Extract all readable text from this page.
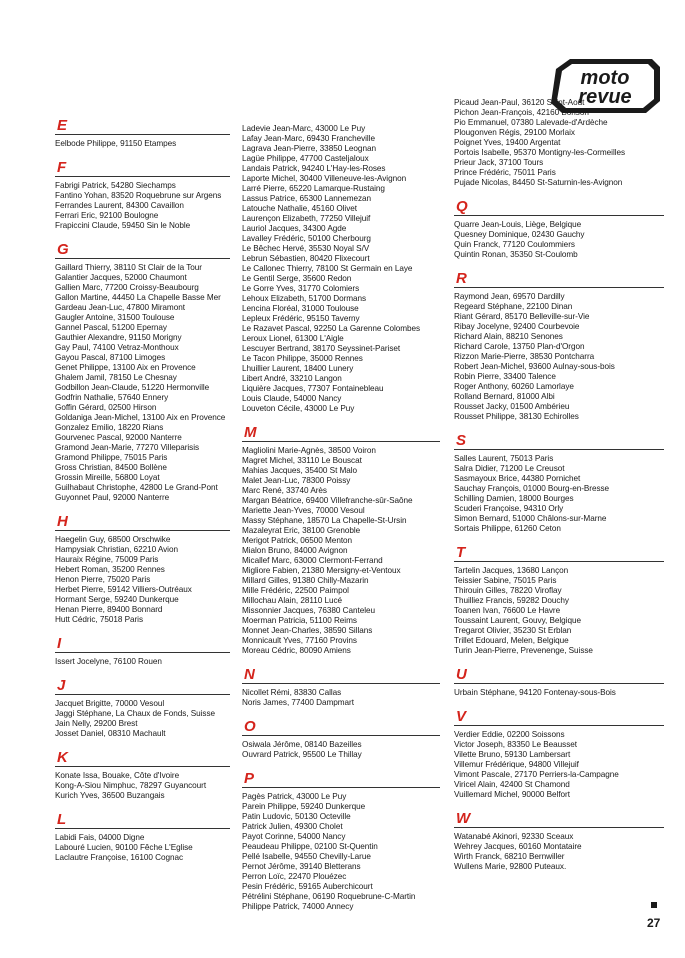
moto
revue
E
Eelbode Philippe, 91150 Etampes
F
Fabrigi Patrick, 54280 Siechamps
Fantino Yohan, 83520 Roquebrune sur Argens
Ferrandes Laurent, 84300 Cavaillon
Ferrari Eric, 92100 Boulogne
Frapiccini Claude, 59450 Sin le Noble
G
Gaillard Thierry, 38110 St Clair de la Tour
Galantier Jacques, 52000 Chaumont
Gallien Marc, 77200 Croissy-Beaubourg
Gallon Martine, 44450 La Chapelle Basse Mer
Gardeau Jean-Luc, 47800 Miramont
Gaugler Antoine, 31500 Toulouse
Gannel Pascal, 51200 Epernay
Gauthier Alexandre, 91150 Morigny
Gay Paul, 74100 Vetraz-Monthoux
Gayou Pascal, 87100 Limoges
Genet Philippe, 13100 Aix en Provence
Ghalem Jamil, 78150 Le Chesnay
Godbillon Jean-Claude, 51220 Hermonville
Godfrin Nathalie, 57640 Ennery
Goffin Gérard, 02500 Hirson
Goldaniga Jean-Michel, 13100 Aix en Provence
Gonzalez Emilio, 18220 Rians
Gourvenec Pascal, 92000 Nanterre
Gramond Jean-Marie, 77270 Villeparisis
Gramond Philippe, 75015 Paris
Gross Christian, 84500 Bollène
Grossin Mireille, 56800 Loyat
Guilhabaut Christophe, 42800 Le Grand-Pont
Guyonnet Paul, 92000 Nanterre
H
Haegelin Guy, 68500 Orschwike
Hampysiak Christian, 62210 Avion
Hauraix Régine, 75009 Paris
Hebert Roman, 35200 Rennes
Henon Pierre, 75020 Paris
Herbet Pierre, 59142 Villiers-Outréaux
Hormant Serge, 59240 Dunkerque
Henan Pierre, 89400 Bonnard
Hutt Cédric, 75018 Paris
I
Issert Jocelyne, 76100 Rouen
J
Jacquet Brigitte, 70000 Vesoul
Jaggi Stéphane, La Chaux de Fonds, Suisse
Jain Nelly, 29200 Brest
Josset Daniel, 08310 Machault
K
Konate Issa, Bouake, Côte d'Ivoire
Kong-A-Siou Nimphuc, 78297 Guyancourt
Kurich Yves, 36500 Buzangais
L
Labidi Fais, 04000 Digne
Labouré Lucien, 90100 Fêche L'Eglise
Laclautre Françoise, 16100 Cognac
Ladevie Jean-Marc, 43000 Le Puy
Lafay Jean-Marc, 69430 Francheville
Lagrava Jean-Pierre, 33850 Leognan
Lagüe Philippe, 47700 Casteljaloux
Landais Patrick, 94240 L'Hay-les-Roses
Laporte Michel, 30400 Villeneuve-les-Avignon
Larré Pierre, 65220 Lamarque-Rustaing
Lassus Patrice, 65300 Lannemezan
Latouche Nathalie, 45160 Olivet
Laurençon Elizabeth, 77250 Villejuif
Lauriol Jacques, 34300 Agde
Lavalley Frédéric, 50100 Cherbourg
Le Bêchec Hervé, 35530 Noyal S/V
Lebrun Sébastien, 80420 Flixecourt
Le Callonec Thierry, 78100 St Germain en Laye
Le Gentil Serge, 35600 Redon
Le Gorre Yves, 31770 Colomiers
Lehoux Elizabeth, 51700 Dormans
Lencina Floréal, 31000 Toulouse
Lepleux Frédéric, 95150 Taverny
Le Razavet Pascal, 92250 La Garenne Colombes
Leroux Lionel, 61300 L'Aigle
Lescuyer Bertrand, 38170 Seyssinet-Pariset
Le Tacon Philippe, 35000 Rennes
Lhuillier Laurent, 18400 Lunery
Libert André, 33210 Langon
Liquière Jacques, 77307 Fontainebleau
Louis Claude, 54000 Nancy
Louveton Cécile, 43000 Le Puy
M
Magliolini Marie-Agnès, 38500 Voiron
Magret Michel, 33110 Le Bouscat
Mahias Jacques, 35400 St Malo
Malet Jean-Luc, 78300 Poissy
Marc René, 33740 Arès
Margan Béatrice, 69400 Villefranche-sûr-Saône
Mariette Jean-Yves, 70000 Vesoul
Massy Stéphane, 18570 La Chapelle-St-Ursin
Mazaleyrat Eric, 38100 Grenoble
Merigot Patrick, 06500 Menton
Mialon Bruno, 84000 Avignon
Micallef Marc, 63000 Clermont-Ferrand
Migliore Fabien, 21380 Mersigny-et-Ventoux
Millard Gilles, 91380 Chilly-Mazarin
Mille Frédéric, 22500 Paimpol
Millochau Alain, 28110 Lucé
Missonnier Jacques, 76380 Canteleu
Moerman Patricia, 51100 Reims
Monnet Jean-Charles, 38590 Sillans
Monnicault Yves, 77160 Provins
Moreau Cédric, 80090 Amiens
N
Nicollet Rémi, 83830 Callas
Noris James, 77400 Dampmart
O
Osiwala Jérôme, 08140 Bazeilles
Ouvrard Patrick, 95500 Le Thillay
P
Pagès Patrick, 43000 Le Puy
Parein Philippe, 59240 Dunkerque
Patin Ludovic, 50130 Octeville
Patrick Julien, 49300 Cholet
Payot Corinne, 54000 Nancy
Peaudeau Philippe, 02100 St-Quentin
Pellé Isabelle, 94550 Chevilly-Larue
Pernot Jérôme, 39140 Bletterans
Perron Loïc, 22470 Plouézec
Pesin Frédéric, 59165 Auberchicourt
Pétrélini Stéphane, 06190 Roquebrune-C-Martin
Philippe Patrick, 74000 Annecy
Picaud Jean-Paul, 36120 Saint-Août
Pichon Jean-François, 42160 Bonson
Pio Emmanuel, 07380 Lalevade-d'Ardèche
Plougonven Régis, 29100 Morlaix
Poignet Yves, 19400 Argentat
Portois Isabelle, 95370 Montigny-les-Cormeilles
Prieur Jack, 37100 Tours
Prince Frédéric, 75011 Paris
Pujade Nicolas, 84450 St-Saturnin-les-Avignon
Q
Quarre Jean-Louis, Liège, Belgique
Quesney Dominique, 02430 Gauchy
Quin Franck, 77120 Coulommiers
Quintin Ronan, 35350 St-Coulomb
R
Raymond Jean, 69570 Dardilly
Regeard Stéphane, 22100 Dinan
Riant Gérard, 85170 Belleville-sur-Vie
Ribay Jocelyne, 92400 Courbevoie
Richard Alain, 88210 Senones
Richard Carole, 13750 Plan-d'Orgon
Rizzon Marie-Pierre, 38530 Pontcharra
Robert Jean-Michel, 93600 Aulnay-sous-bois
Robin Pierre, 33400 Talence
Roger Anthony, 60260 Lamorlaye
Rolland Bernard, 81000 Albi
Rousset Jacky, 01500 Ambérieu
Rousset Philippe, 38130 Echirolles
S
Salles Laurent, 75013 Paris
Salra Didier, 71200 Le Creusot
Sasmayoux Brice, 44380 Pornichet
Sauchay François, 01000 Bourg-en-Bresse
Schilling Damien, 18000 Bourges
Scuderi Françoise, 94310 Orly
Simon Bernard, 51000 Châlons-sur-Marne
Sortais Philippe, 61260 Ceton
T
Tartelin Jacques, 13680 Lançon
Teissier Sabine, 75015 Paris
Thirouin Gilles, 78220 Viroflay
Thuilliez Francis, 59282 Douchy
Toanen Ivan, 76600 Le Havre
Toussaint Laurent, Gouvy, Belgique
Tregarot Olivier, 35230 St Erblan
Trillet Edouard, Melen, Belgique
Turin Jean-Pierre, Prevenenge, Suisse
U
Urbain Stéphane, 94120 Fontenay-sous-Bois
V
Verdier Eddie, 02200 Soissons
Victor Joseph, 83350 Le Beausset
Vilette Bruno, 59130 Lambersart
Villemur Frédérique, 94800 Villejuif
Vimont Pascale, 27170 Perriers-la-Campagne
Viricel Alain, 42400 St Chamond
Vuillemard Michel, 90000 Belfort
W
Watanabé Akinori, 92330 Sceaux
Wehrey Jacques, 60160 Montataire
Wirth Franck, 68210 Bernwiller
Wullens Marie, 92800 Puteaux.
27
